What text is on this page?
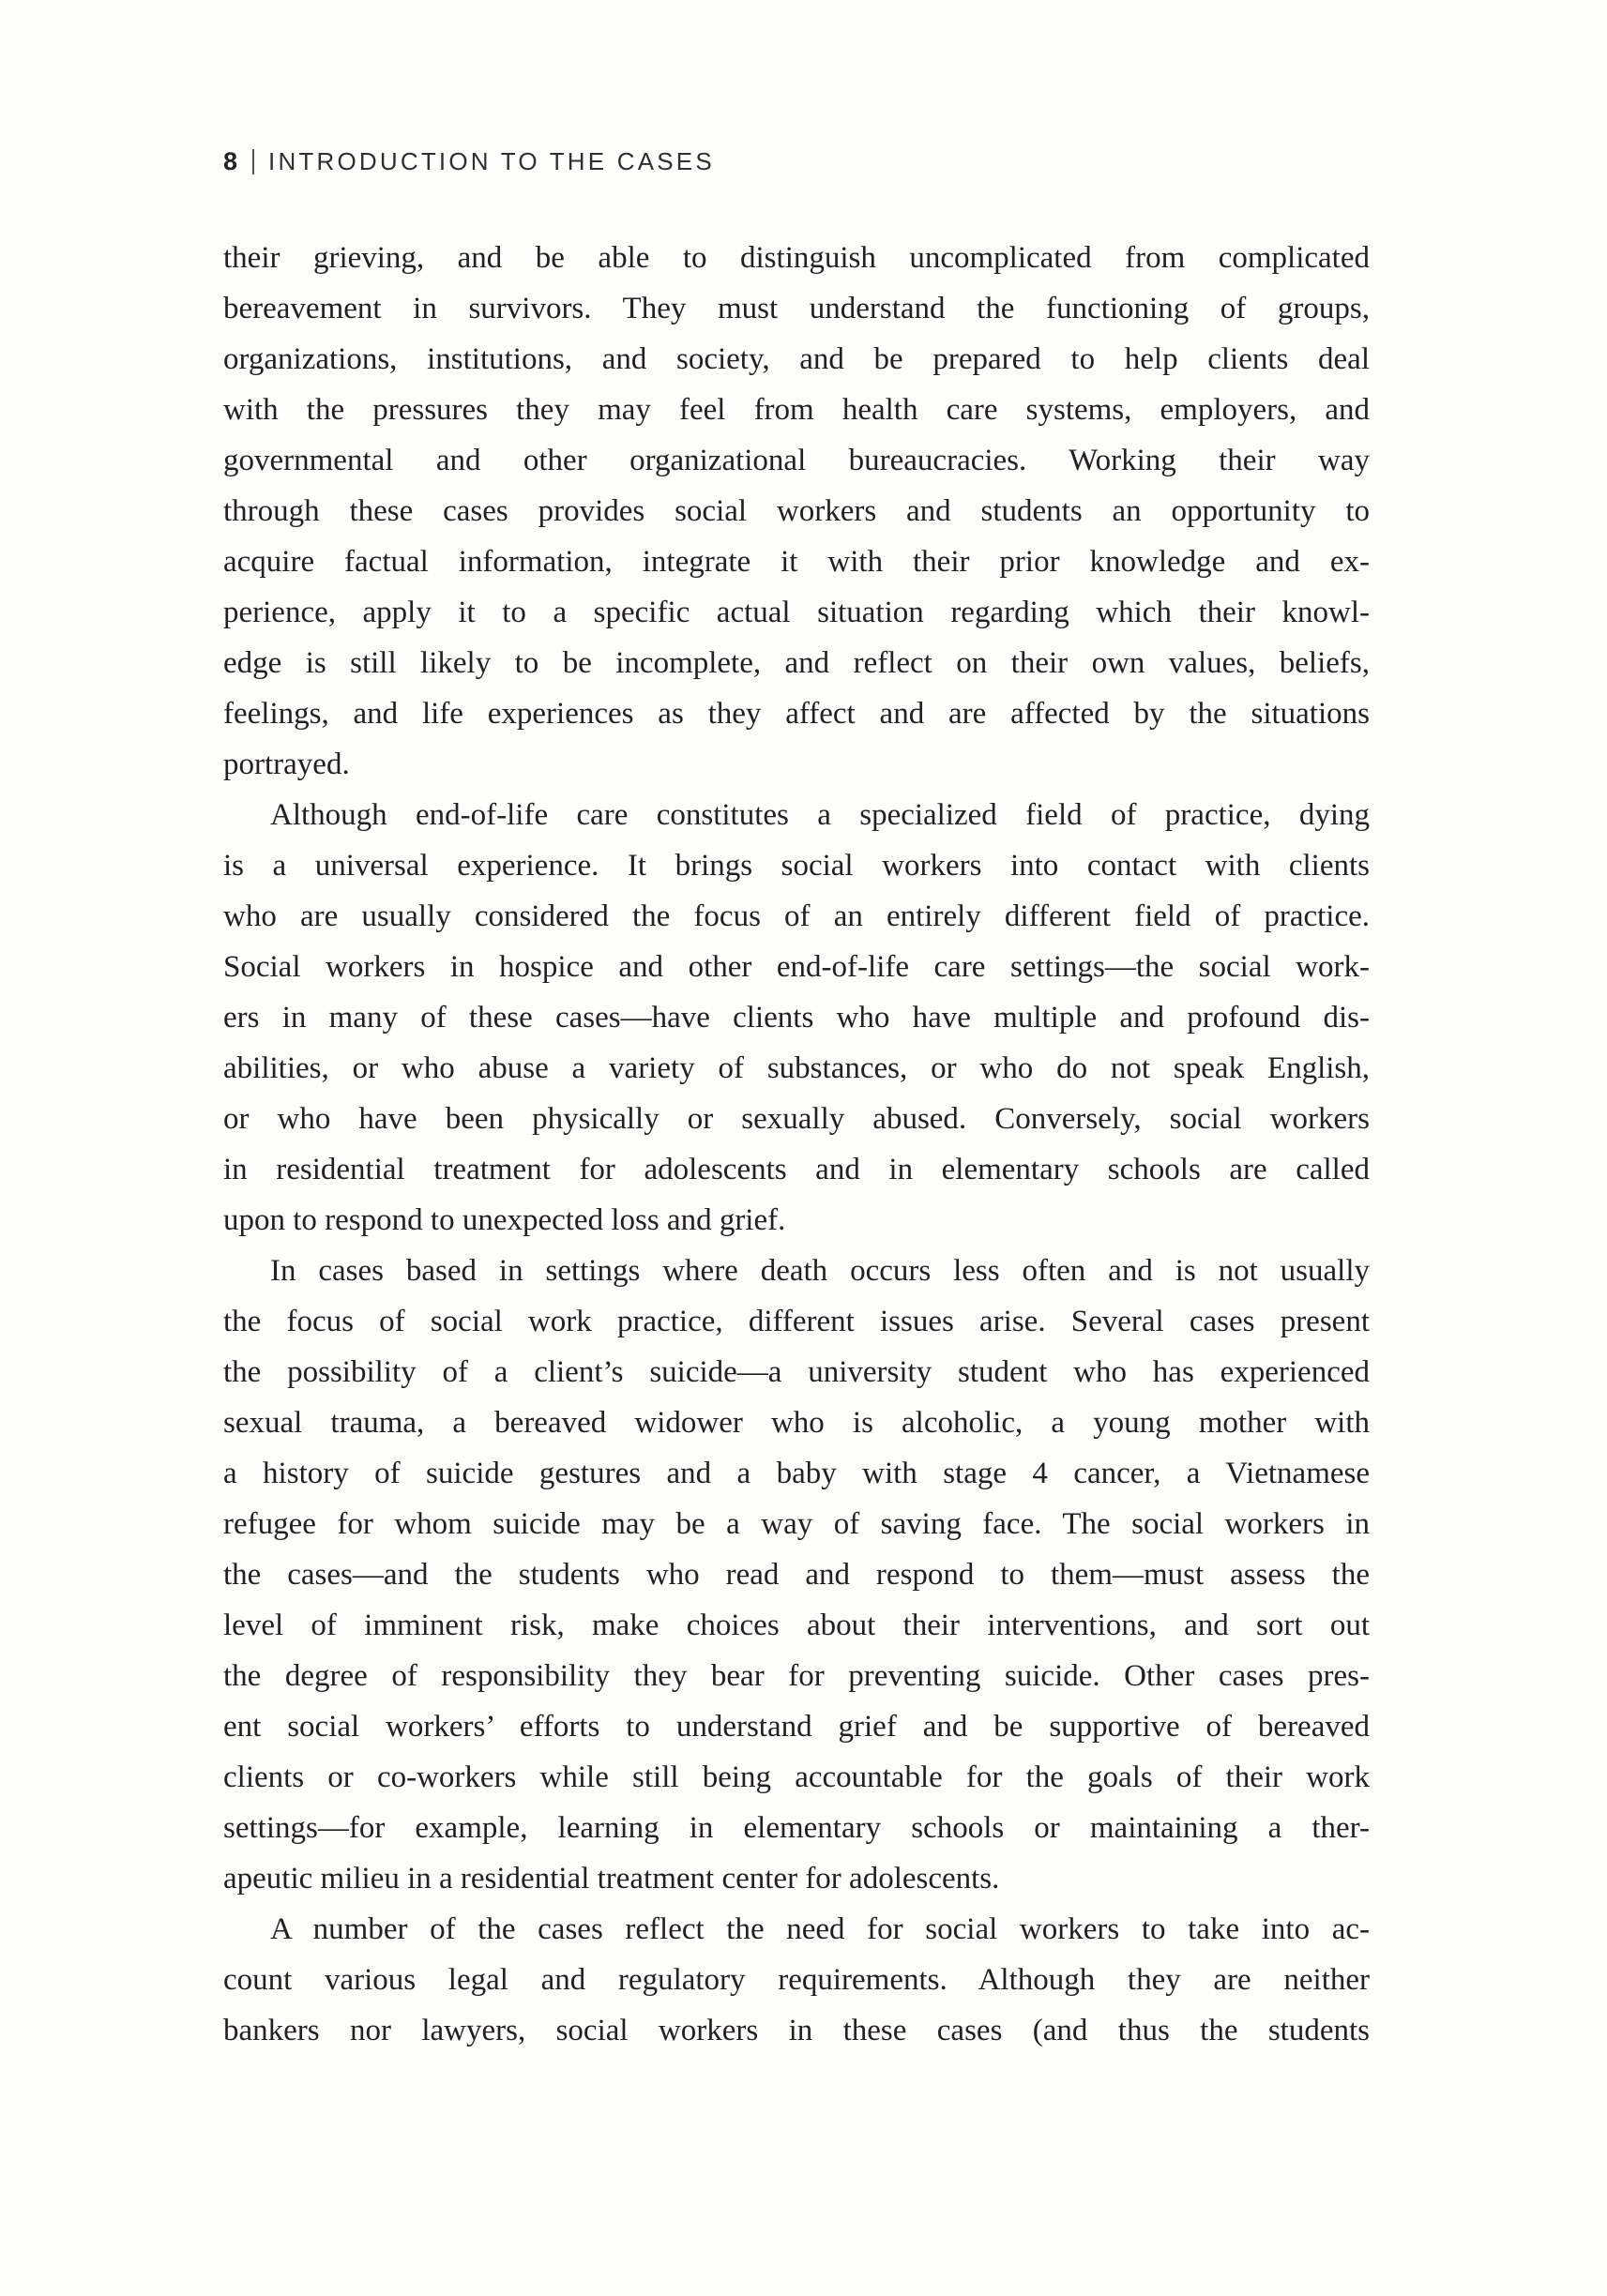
8 INTRODUCTION TO THE CASES
their grieving, and be able to distinguish uncomplicated from complicated
bereavement in survivors. They must understand the functioning of groups,
organizations, institutions, and society, and be prepared to help clients deal
with the pressures they may feel from health care systems, employers, and
governmental and other organizational bureaucracies. Working their way
through these cases provides social workers and students an opportunity to
acquire factual information, integrate it with their prior knowledge and ex-
perience, apply it to a specific actual situation regarding which their knowl-
edge is still likely to be incomplete, and reflect on their own values, beliefs,
feelings, and life experiences as they affect and are affected by the situations
portrayed.
Although end-of-life care constitutes a specialized field of practice, dying
is a universal experience. It brings social workers into contact with clients
who are usually considered the focus of an entirely different field of practice.
Social workers in hospice and other end-of-life care settings—the social work-
ers in many of these cases—have clients who have multiple and profound dis-
abilities, or who abuse a variety of substances, or who do not speak English,
or who have been physically or sexually abused. Conversely, social workers
in residential treatment for adolescents and in elementary schools are called
upon to respond to unexpected loss and grief.
In cases based in settings where death occurs less often and is not usually
the focus of social work practice, different issues arise. Several cases present
the possibility of a client’s suicide—a university student who has experienced
sexual trauma, a bereaved widower who is alcoholic, a young mother with
a history of suicide gestures and a baby with stage 4 cancer, a Vietnamese
refugee for whom suicide may be a way of saving face. The social workers in
the cases—and the students who read and respond to them—must assess the
level of imminent risk, make choices about their interventions, and sort out
the degree of responsibility they bear for preventing suicide. Other cases pres-
ent social workers’ efforts to understand grief and be supportive of bereaved
clients or co-workers while still being accountable for the goals of their work
settings—for example, learning in elementary schools or maintaining a ther-
apeutic milieu in a residential treatment center for adolescents.
A number of the cases reflect the need for social workers to take into ac-
count various legal and regulatory requirements. Although they are neither
bankers nor lawyers, social workers in these cases (and thus the students
